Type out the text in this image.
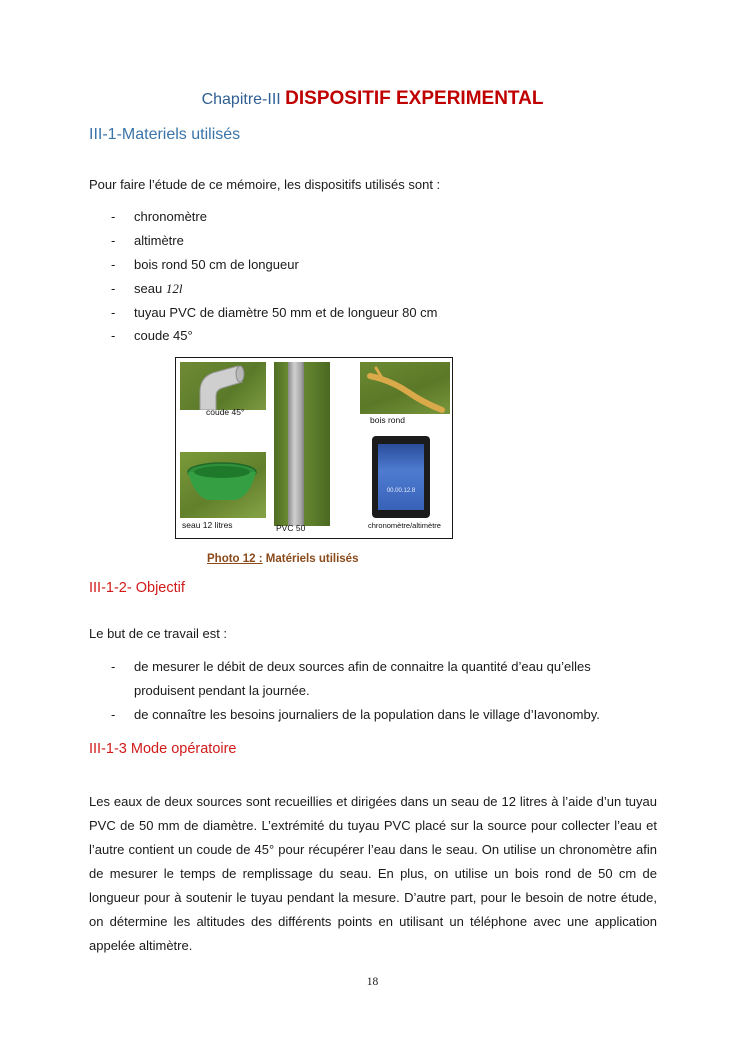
Chapitre-III DISPOSITIF EXPERIMENTAL
III-1-Materiels utilisés
Pour faire l’étude de ce mémoire, les dispositifs utilisés sont :
- chronomètre
- altimètre
- bois rond 50 cm de longueur
- seau 12l
- tuyau PVC de diamètre 50 mm et de longueur 80 cm
- coude 45°
coude 45°
PVC 50
bois rond
seau 12 litres
00.00.12.8
chronomètre/altimètre
Photo 12 : Matériels utilisés
III-1-2- Objectif
Le but de ce travail est :
- de mesurer le débit de deux sources afin de connaitre la quantité d’eau qu’elles
produisent pendant la journée.
- de connaître les besoins journaliers de la population dans le village d’Iavonomby.
III-1-3 Mode opératoire
Les eaux de deux sources sont recueillies et dirigées dans un seau de 12 litres à l’aide d’un tuyau PVC de 50 mm de diamètre. L’extrémité du tuyau PVC placé sur la source pour collecter l’eau et l’autre contient un coude de 45° pour récupérer l’eau dans le seau. On utilise un chronomètre afin de mesurer le temps de remplissage du seau. En plus, on utilise un bois rond de 50 cm de longueur pour à soutenir le tuyau pendant la mesure. D’autre part, pour le besoin de notre étude, on détermine les altitudes des différents points en utilisant un téléphone avec une application appelée altimètre.
18
